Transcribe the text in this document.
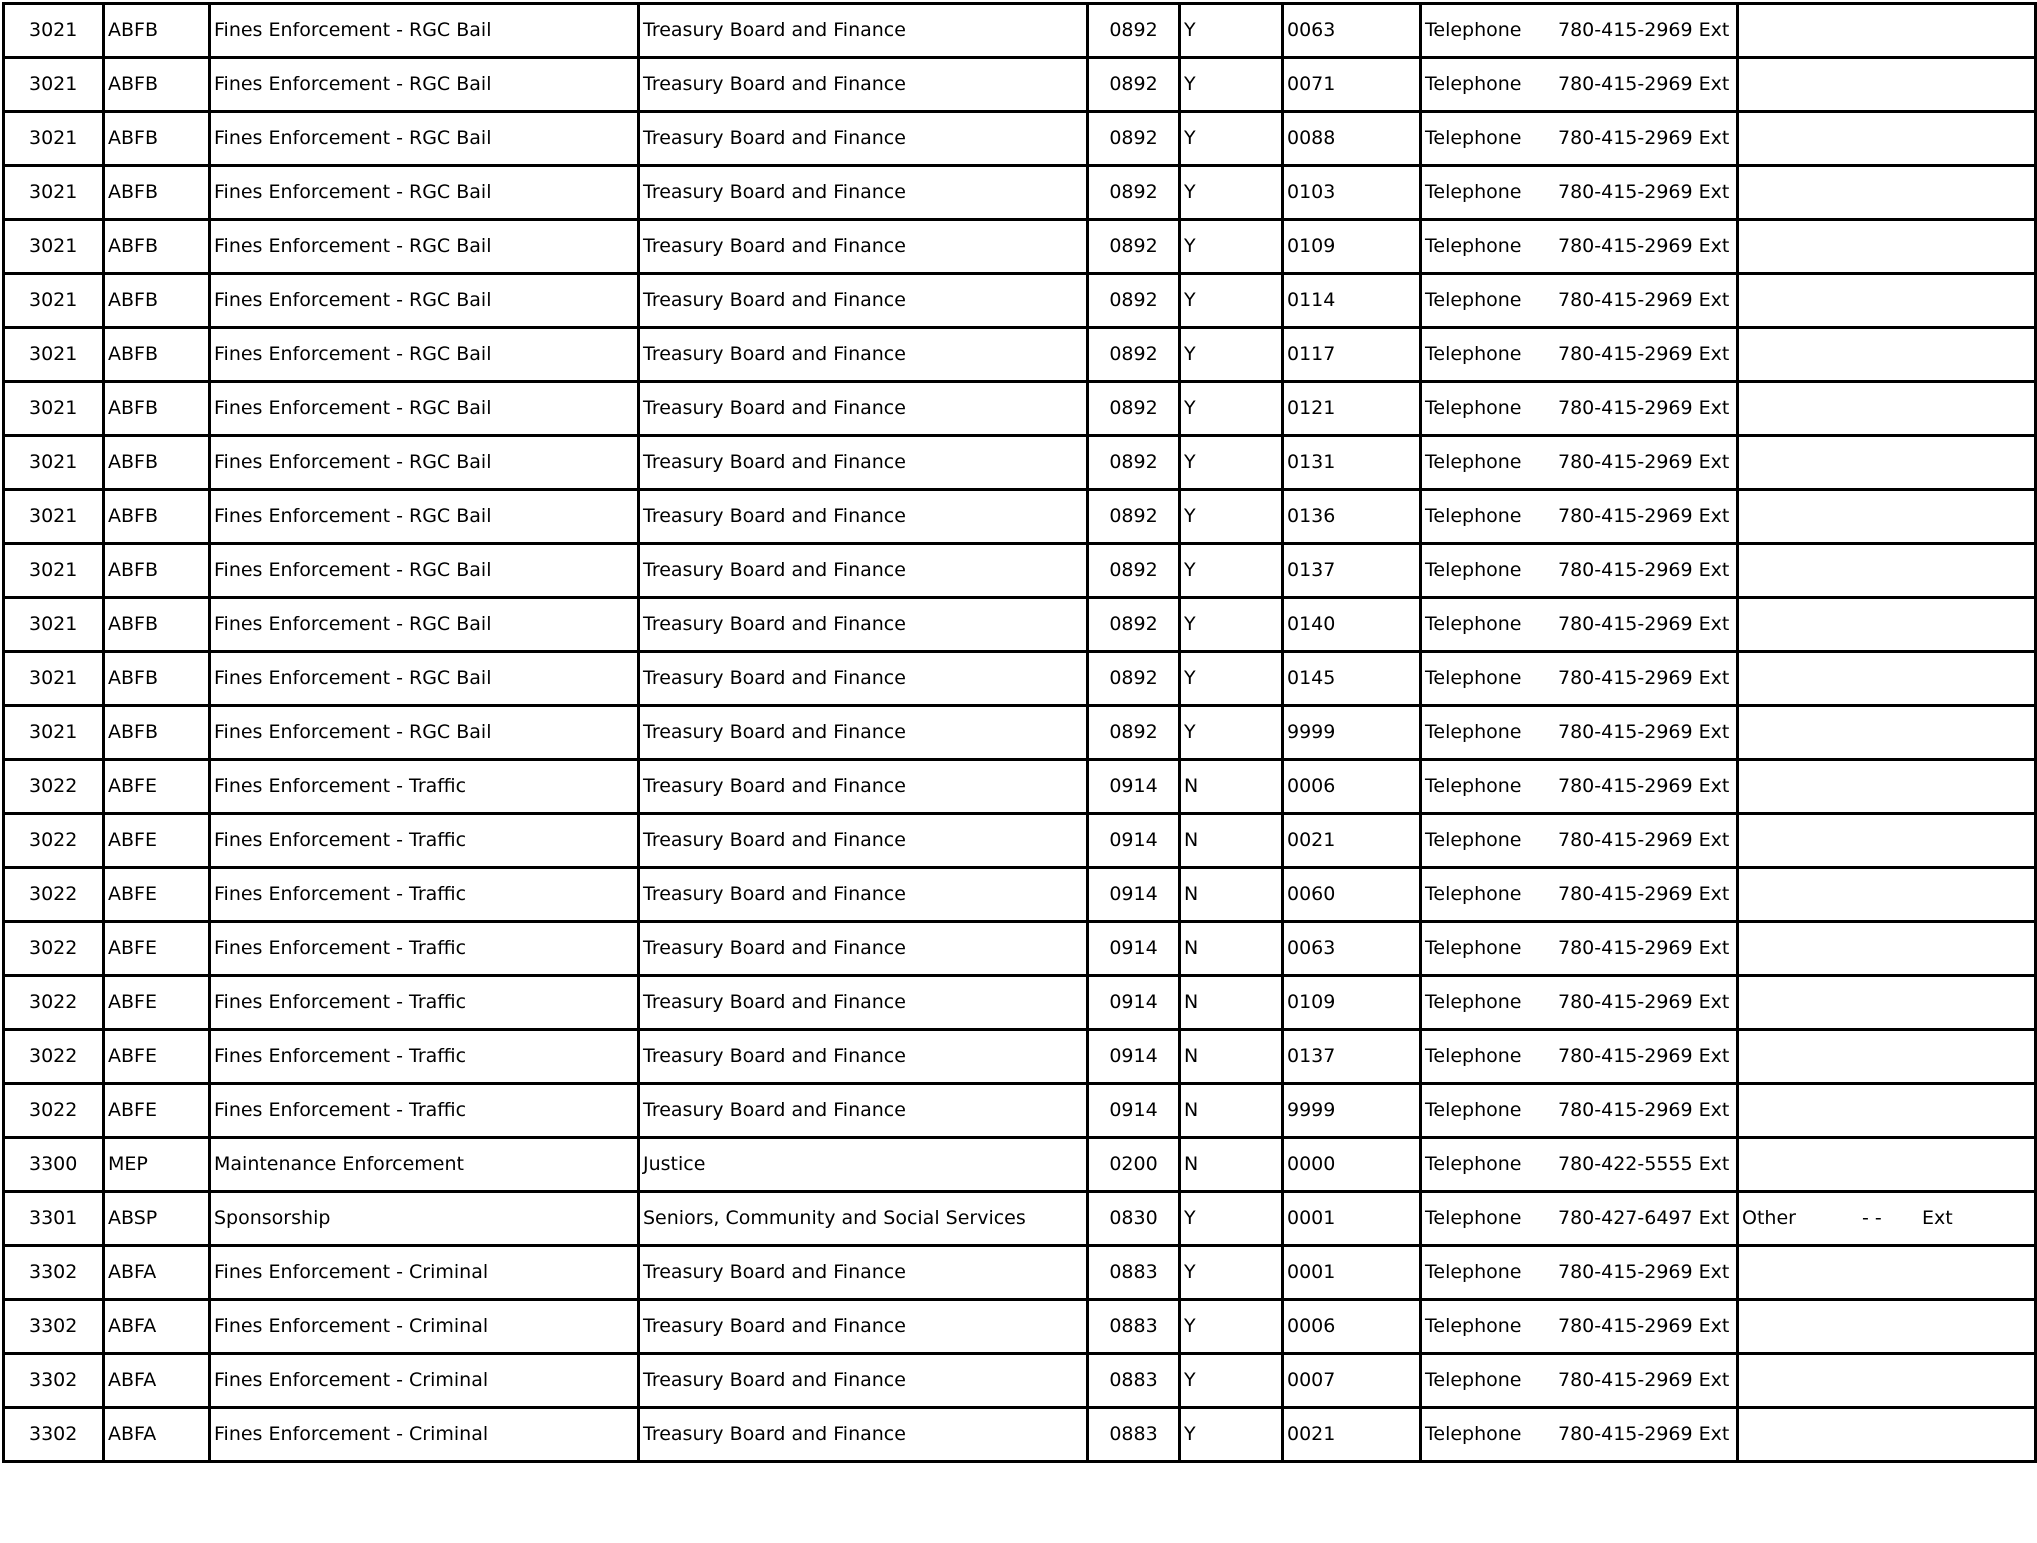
3021	ABFB	Fines Enforcement - RGC Bail	Treasury Board and Finance	0892	Y	0063	Telephone 780-415-2969 Ext	
3021	ABFB	Fines Enforcement - RGC Bail	Treasury Board and Finance	0892	Y	0071	Telephone 780-415-2969 Ext	
3021	ABFB	Fines Enforcement - RGC Bail	Treasury Board and Finance	0892	Y	0088	Telephone 780-415-2969 Ext	
3021	ABFB	Fines Enforcement - RGC Bail	Treasury Board and Finance	0892	Y	0103	Telephone 780-415-2969 Ext	
3021	ABFB	Fines Enforcement - RGC Bail	Treasury Board and Finance	0892	Y	0109	Telephone 780-415-2969 Ext	
3021	ABFB	Fines Enforcement - RGC Bail	Treasury Board and Finance	0892	Y	0114	Telephone 780-415-2969 Ext	
3021	ABFB	Fines Enforcement - RGC Bail	Treasury Board and Finance	0892	Y	0117	Telephone 780-415-2969 Ext	
3021	ABFB	Fines Enforcement - RGC Bail	Treasury Board and Finance	0892	Y	0121	Telephone 780-415-2969 Ext	
3021	ABFB	Fines Enforcement - RGC Bail	Treasury Board and Finance	0892	Y	0131	Telephone 780-415-2969 Ext	
3021	ABFB	Fines Enforcement - RGC Bail	Treasury Board and Finance	0892	Y	0136	Telephone 780-415-2969 Ext	
3021	ABFB	Fines Enforcement - RGC Bail	Treasury Board and Finance	0892	Y	0137	Telephone 780-415-2969 Ext	
3021	ABFB	Fines Enforcement - RGC Bail	Treasury Board and Finance	0892	Y	0140	Telephone 780-415-2969 Ext	
3021	ABFB	Fines Enforcement - RGC Bail	Treasury Board and Finance	0892	Y	0145	Telephone 780-415-2969 Ext	
3021	ABFB	Fines Enforcement - RGC Bail	Treasury Board and Finance	0892	Y	9999	Telephone 780-415-2969 Ext	
3022	ABFE	Fines Enforcement - Traffic	Treasury Board and Finance	0914	N	0006	Telephone 780-415-2969 Ext	
3022	ABFE	Fines Enforcement - Traffic	Treasury Board and Finance	0914	N	0021	Telephone 780-415-2969 Ext	
3022	ABFE	Fines Enforcement - Traffic	Treasury Board and Finance	0914	N	0060	Telephone 780-415-2969 Ext	
3022	ABFE	Fines Enforcement - Traffic	Treasury Board and Finance	0914	N	0063	Telephone 780-415-2969 Ext	
3022	ABFE	Fines Enforcement - Traffic	Treasury Board and Finance	0914	N	0109	Telephone 780-415-2969 Ext	
3022	ABFE	Fines Enforcement - Traffic	Treasury Board and Finance	0914	N	0137	Telephone 780-415-2969 Ext	
3022	ABFE	Fines Enforcement - Traffic	Treasury Board and Finance	0914	N	9999	Telephone 780-415-2969 Ext	
3300	MEP	Maintenance Enforcement	Justice	0200	N	0000	Telephone 780-422-5555 Ext	
3301	ABSP	Sponsorship	Seniors, Community and Social Services	0830	Y	0001	Telephone 780-427-6497 Ext	Other - - Ext
3302	ABFA	Fines Enforcement - Criminal	Treasury Board and Finance	0883	Y	0001	Telephone 780-415-2969 Ext	
3302	ABFA	Fines Enforcement - Criminal	Treasury Board and Finance	0883	Y	0006	Telephone 780-415-2969 Ext	
3302	ABFA	Fines Enforcement - Criminal	Treasury Board and Finance	0883	Y	0007	Telephone 780-415-2969 Ext	
3302	ABFA	Fines Enforcement - Criminal	Treasury Board and Finance	0883	Y	0021	Telephone 780-415-2969 Ext	
